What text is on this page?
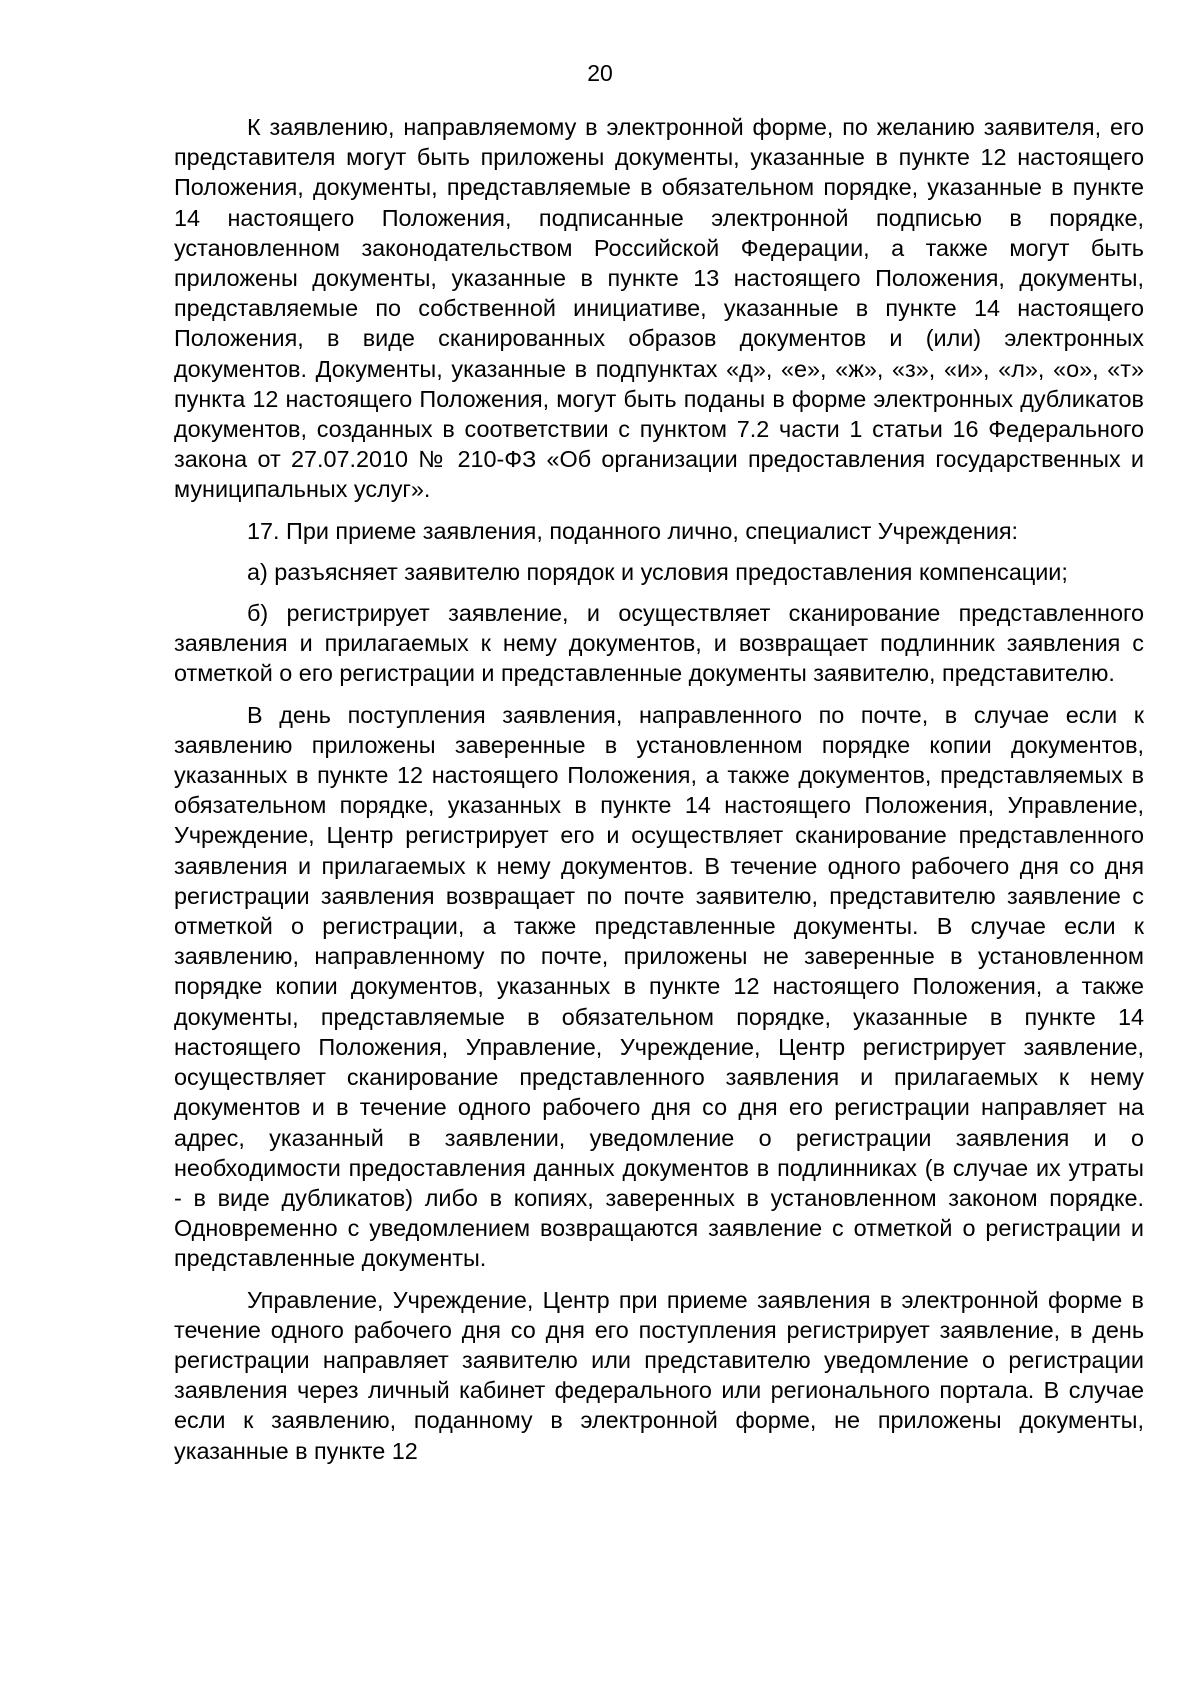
20

К заявлению, направляемому в электронной форме, по желанию заявителя, его представителя могут быть приложены документы, указанные в пункте 12 настоящего Положения, документы, представляемые в обязательном порядке, указанные в пункте 14 настоящего Положения, подписанные электронной подписью в порядке, установленном законодательством Российской Федерации, а также могут быть приложены документы, указанные в пункте 13 настоящего Положения, документы, представляемые по собственной инициативе, указанные в пункте 14 настоящего Положения, в виде сканированных образов документов и (или) электронных документов. Документы, указанные в подпунктах «д», «е», «ж», «з», «и», «л», «о», «т» пункта 12 настоящего Положения, могут быть поданы в форме электронных дубликатов документов, созданных в соответствии с пунктом 7.2 части 1 статьи 16 Федерального закона от 27.07.2010 № 210-ФЗ «Об организации предоставления государственных и муниципальных услуг».

17. При приеме заявления, поданного лично, специалист Учреждения:

а) разъясняет заявителю порядок и условия предоставления компенсации;

б) регистрирует заявление, и осуществляет сканирование представленного заявления и прилагаемых к нему документов, и возвращает подлинник заявления с отметкой о его регистрации и представленные документы заявителю, представителю.

В день поступления заявления, направленного по почте, в случае если к заявлению приложены заверенные в установленном порядке копии документов, указанных в пункте 12 настоящего Положения, а также документов, представляемых в обязательном порядке, указанных в пункте 14 настоящего Положения, Управление, Учреждение, Центр регистрирует его и осуществляет сканирование представленного заявления и прилагаемых к нему документов. В течение одного рабочего дня со дня регистрации заявления возвращает по почте заявителю, представителю заявление с отметкой о регистрации, а также представленные документы. В случае если к заявлению, направленному по почте, приложены не заверенные в установленном порядке копии документов, указанных в пункте 12 настоящего Положения, а также документы, представляемые в обязательном порядке, указанные в пункте 14 настоящего Положения, Управление, Учреждение, Центр регистрирует заявление, осуществляет сканирование представленного заявления и прилагаемых к нему документов и в течение одного рабочего дня со дня его регистрации направляет на адрес, указанный в заявлении, уведомление о регистрации заявления и о необходимости предоставления данных документов в подлинниках (в случае их утраты - в виде дубликатов) либо в копиях, заверенных в установленном законом порядке. Одновременно с уведомлением возвращаются заявление с отметкой о регистрации и представленные документы.

Управление, Учреждение, Центр при приеме заявления в электронной форме в течение одного рабочего дня со дня его поступления регистрирует заявление, в день регистрации направляет заявителю или представителю уведомление о регистрации заявления через личный кабинет федерального или регионального портала. В случае если к заявлению, поданному в электронной форме, не приложены документы, указанные в пункте 12
